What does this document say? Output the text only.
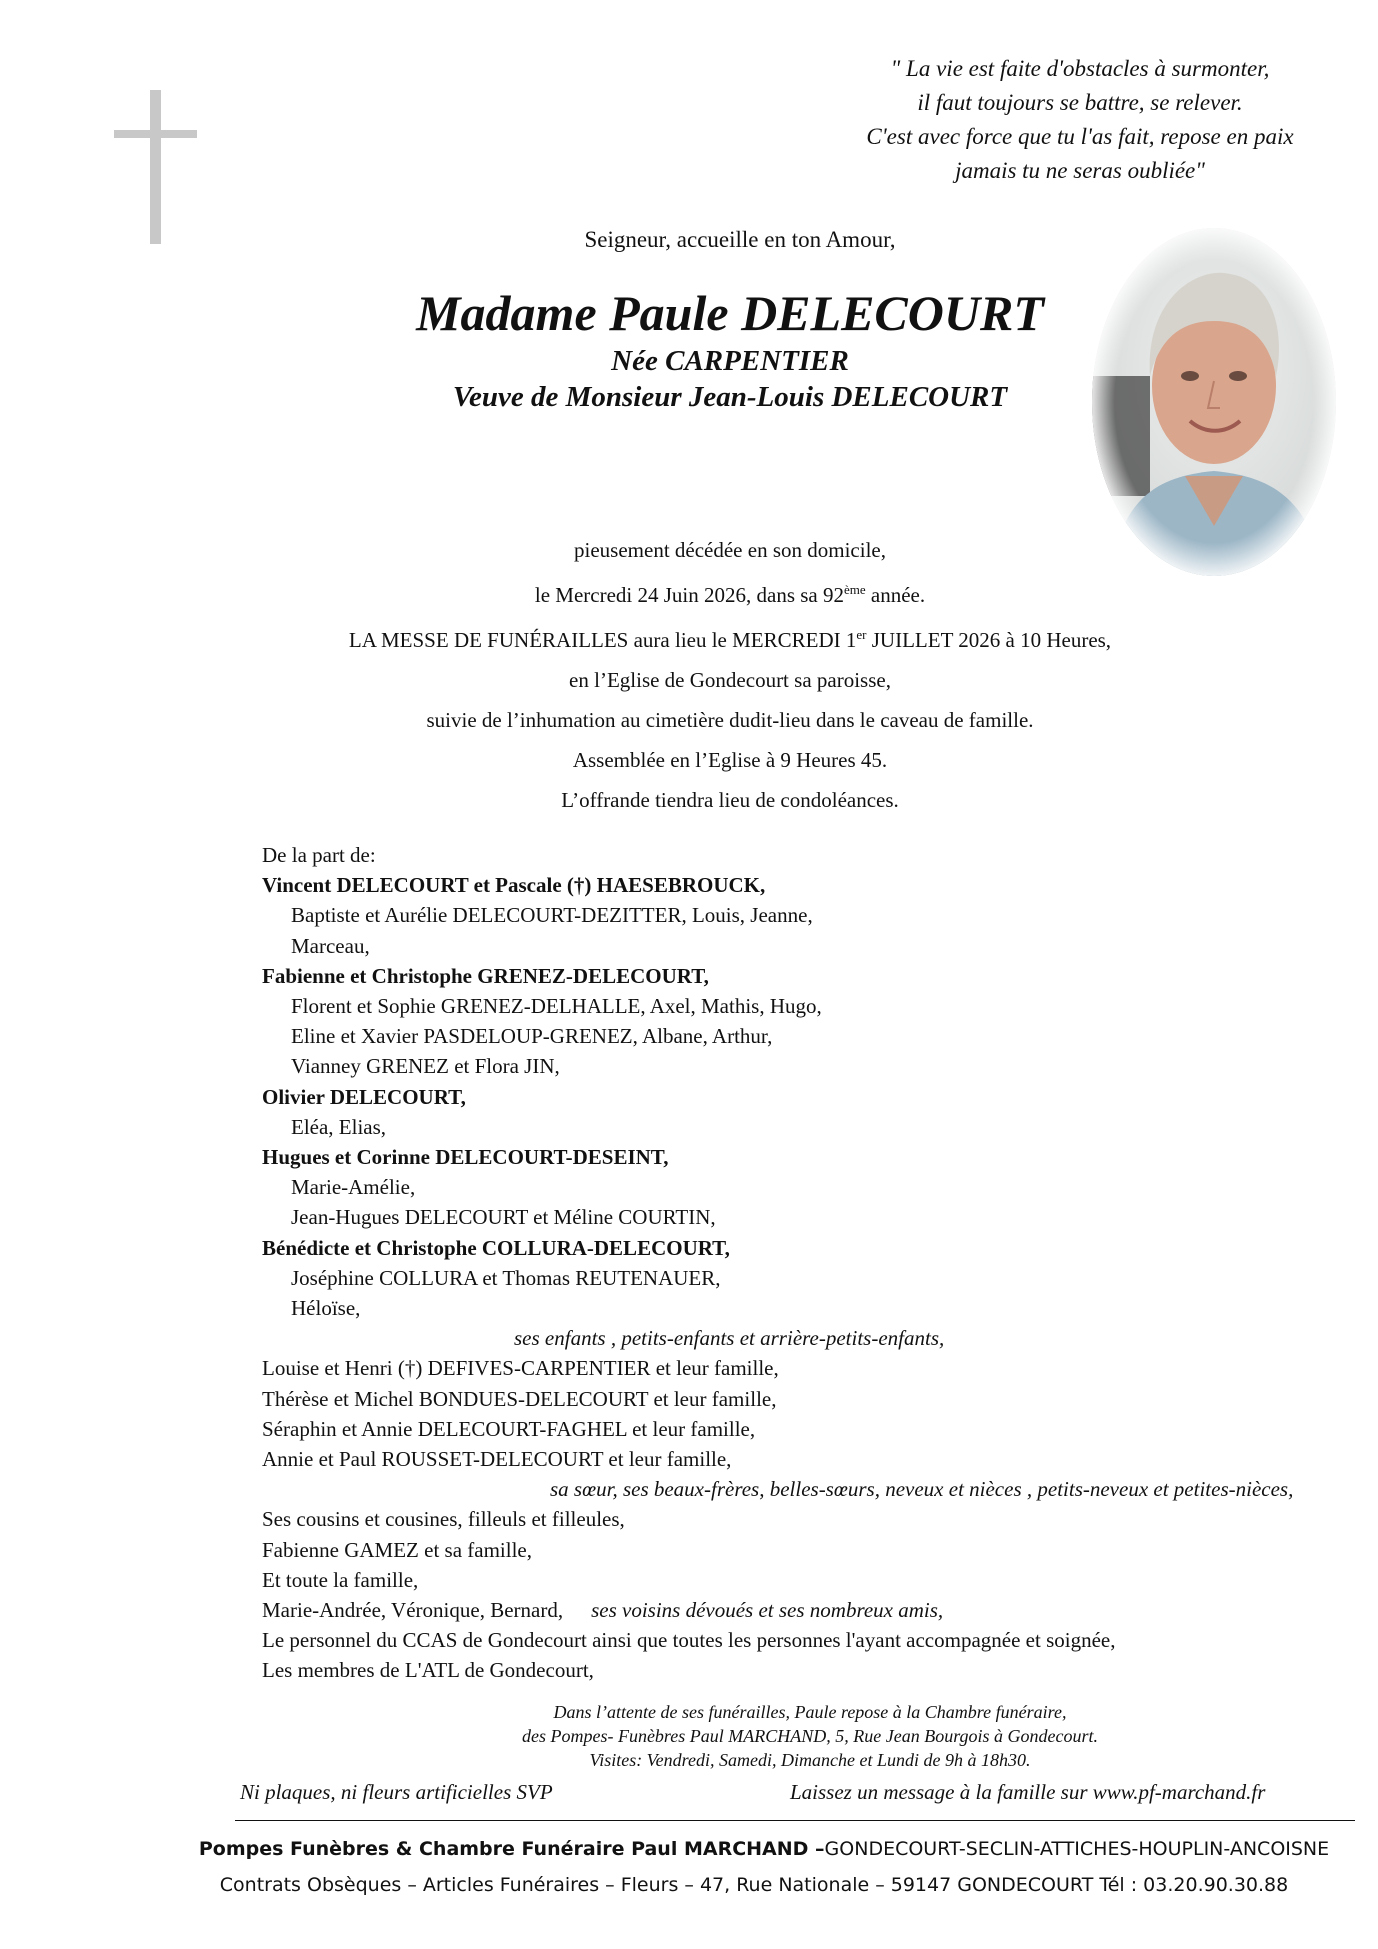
" La vie est faite d'obstacles à surmonter,
il faut toujours se battre, se relever.
C'est avec force que tu l'as fait, repose en paix
jamais tu ne seras oubliée"
Seigneur, accueille en ton Amour,
Madame Paule DELECOURT
Née CARPENTIER
Veuve de Monsieur Jean-Louis DELECOURT
pieusement décédée en son domicile,
le Mercredi 24 Juin 2026, dans sa 92ème année.
LA MESSE DE FUNÉRAILLES aura lieu le MERCREDI 1er JUILLET 2026 à 10 Heures,
en l’Eglise de Gondecourt sa paroisse,
suivie de l’inhumation au cimetière dudit-lieu dans le caveau de famille.
Assemblée en l’Eglise à 9 Heures 45.
L’offrande tiendra lieu de condoléances.
De la part de:
Vincent DELECOURT et Pascale (†) HAESEBROUCK,
Baptiste et Aurélie DELECOURT-DEZITTER, Louis, Jeanne,
Marceau,
Fabienne et Christophe GRENEZ-DELECOURT,
Florent et Sophie GRENEZ-DELHALLE, Axel, Mathis, Hugo,
Eline et Xavier PASDELOUP-GRENEZ, Albane, Arthur,
Vianney GRENEZ et Flora JIN,
Olivier DELECOURT,
Eléa, Elias,
Hugues et Corinne DELECOURT-DESEINT,
Marie-Amélie,
Jean-Hugues DELECOURT et Méline COURTIN,
Bénédicte et Christophe COLLURA-DELECOURT,
Joséphine COLLURA et Thomas REUTENAUER,
Héloïse,
ses enfants , petits-enfants et arrière-petits-enfants,
Louise et Henri (†) DEFIVES-CARPENTIER et leur famille,
Thérèse et Michel BONDUES-DELECOURT et leur famille,
Séraphin et Annie DELECOURT-FAGHEL et leur famille,
Annie et Paul ROUSSET-DELECOURT et leur famille,
sa sœur, ses beaux-frères, belles-sœurs, neveux et nièces , petits-neveux et petites-nièces,
Ses cousins et cousines, filleuls et filleules,
Fabienne GAMEZ et sa famille,
Et toute la famille,
Marie-Andrée, Véronique, Bernard, ses voisins dévoués et ses nombreux amis,
Le personnel du CCAS de Gondecourt ainsi que toutes les personnes l'ayant accompagnée et soignée,
Les membres de L'ATL de Gondecourt,
Dans l’attente de ses funérailles, Paule repose à la Chambre funéraire,
des Pompes- Funèbres Paul MARCHAND, 5, Rue Jean Bourgois à Gondecourt.
Visites: Vendredi, Samedi, Dimanche et Lundi de 9h à 18h30.
Ni plaques, ni fleurs artificielles SVP	Laissez un message à la famille sur www.pf-marchand.fr
Pompes Funèbres & Chambre Funéraire Paul MARCHAND –GONDECOURT-SECLIN-ATTICHES-HOUPLIN-ANCOISNE
Contrats Obsèques – Articles Funéraires – Fleurs – 47, Rue Nationale – 59147 GONDECOURT Tél : 03.20.90.30.88
